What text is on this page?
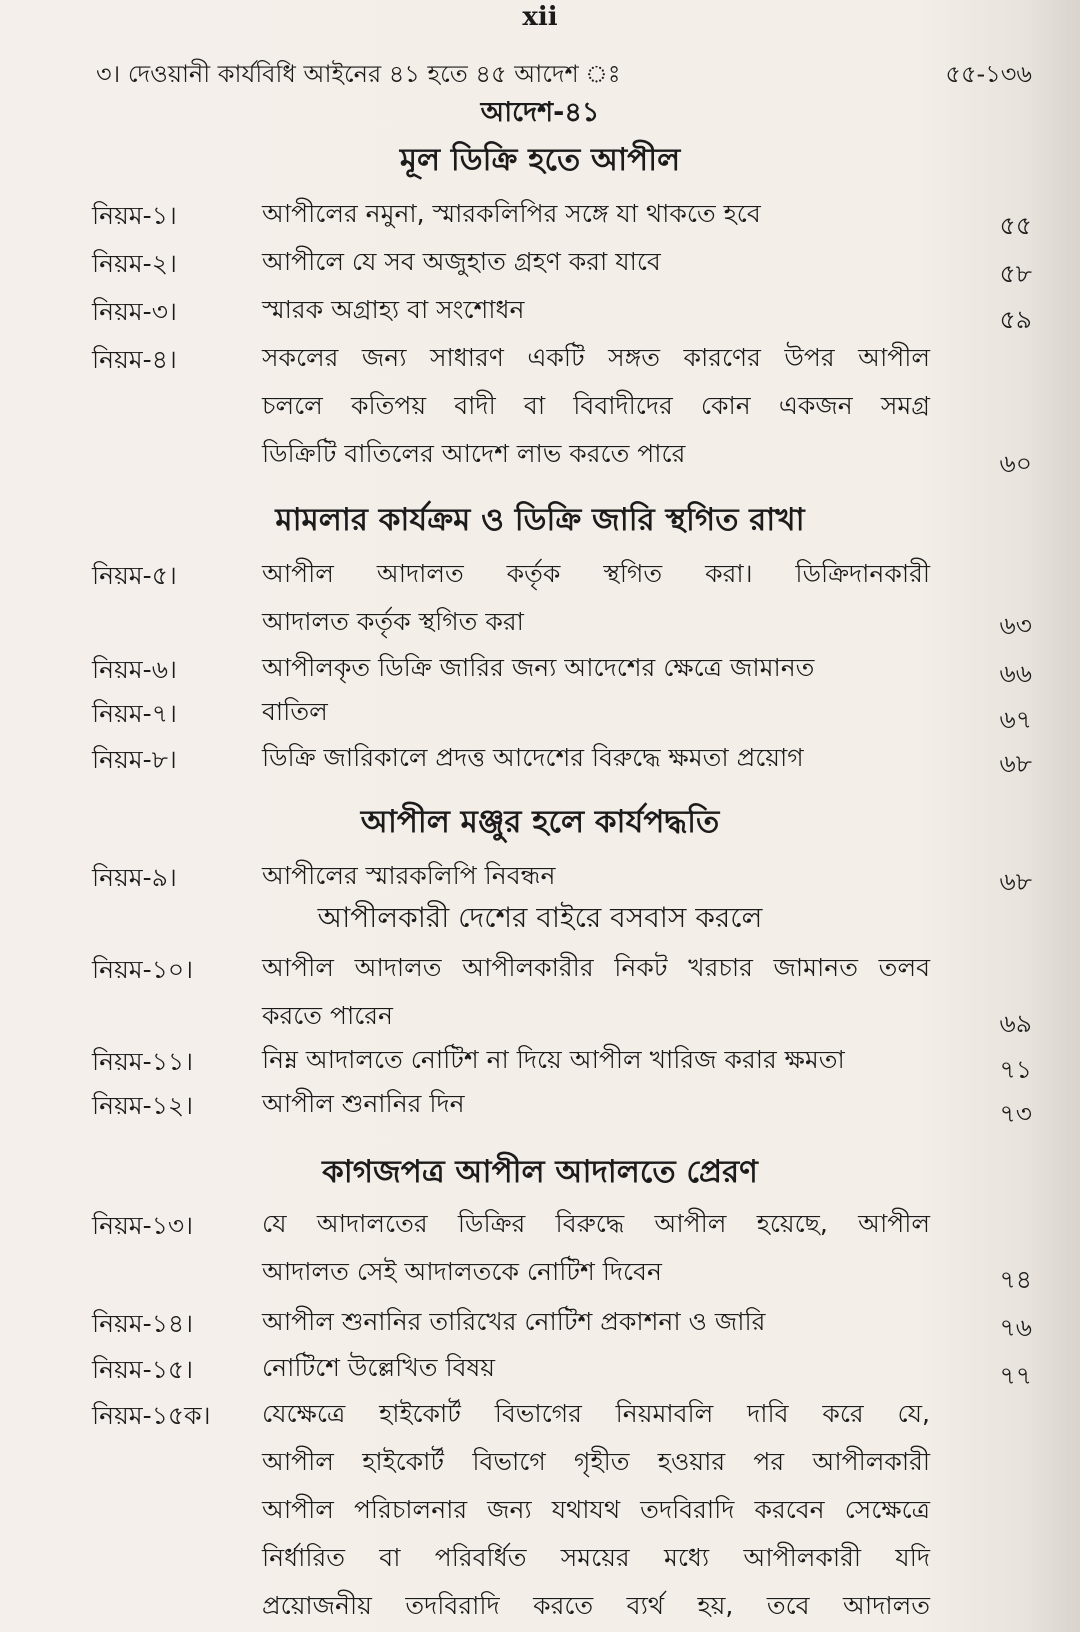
xii
৩। দেওয়ানী কার্যবিধি আইনের ৪১ হতে ৪৫ আদেশ ঃ	৫৫-১৩৬
আদেশ-৪১
মূল ডিক্রি হতে আপীল
নিয়ম-১।	আপীলের নমুনা, স্মারকলিপির সঙ্গে যা থাকতে হবে	৫৫
নিয়ম-২।	আপীলে যে সব অজুহাত গ্রহণ করা যাবে	৫৮
নিয়ম-৩।	স্মারক অগ্রাহ্য বা সংশোধন	৫৯
নিয়ম-৪।	সকলের জন্য সাধারণ একটি সঙ্গত কারণের উপর আপীল
চললে কতিপয় বাদী বা বিবাদীদের কোন একজন সমগ্র
ডিক্রিটি বাতিলের আদেশ লাভ করতে পারে	৬০
মামলার কার্যক্রম ও ডিক্রি জারি স্থগিত রাখা
নিয়ম-৫।	আপীল আদালত কর্তৃক স্থগিত করা। ডিক্রিদানকারী
আদালত কর্তৃক স্থগিত করা	৬৩
নিয়ম-৬।	আপীলকৃত ডিক্রি জারির জন্য আদেশের ক্ষেত্রে জামানত	৬৬
নিয়ম-৭।	বাতিল	৬৭
নিয়ম-৮।	ডিক্রি জারিকালে প্রদত্ত আদেশের বিরুদ্ধে ক্ষমতা প্রয়োগ	৬৮
আপীল মঞ্জুর হলে কার্যপদ্ধতি
নিয়ম-৯।	আপীলের স্মারকলিপি নিবন্ধন	৬৮
আপীলকারী দেশের বাইরে বসবাস করলে
নিয়ম-১০।	আপীল আদালত আপীলকারীর নিকট খরচার জামানত তলব
করতে পারেন	৬৯
নিয়ম-১১।	নিম্ন আদালতে নোটিশ না দিয়ে আপীল খারিজ করার ক্ষমতা	৭১
নিয়ম-১২।	আপীল শুনানির দিন	৭৩
কাগজপত্র আপীল আদালতে প্রেরণ
নিয়ম-১৩।	যে আদালতের ডিক্রির বিরুদ্ধে আপীল হয়েছে, আপীল
আদালত সেই আদালতকে নোটিশ দিবেন	৭৪
নিয়ম-১৪।	আপীল শুনানির তারিখের নোটিশ প্রকাশনা ও জারি	৭৬
নিয়ম-১৫।	নোটিশে উল্লেখিত বিষয়	৭৭
নিয়ম-১৫ক।	যেক্ষেত্রে হাইকোর্ট বিভাগের নিয়মাবলি দাবি করে যে,
আপীল হাইকোর্ট বিভাগে গৃহীত হওয়ার পর আপীলকারী
আপীল পরিচালনার জন্য যথাযথ তদবিরাদি করবেন সেক্ষেত্রে
নির্ধারিত বা পরিবর্ধিত সময়ের মধ্যে আপীলকারী যদি
প্রয়োজনীয় তদবিরাদি করতে ব্যর্থ হয়, তবে আদালত
